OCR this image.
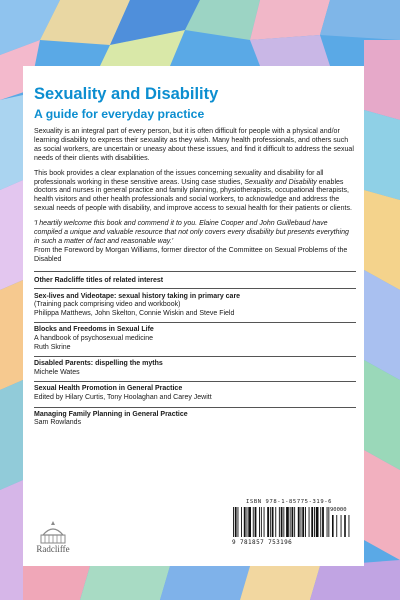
Sexuality and Disability
A guide for everyday practice

Sexuality is an integral part of every person, but it is often difficult for people with a physical and/or learning disability to express their sexuality as they wish. Many health professionals, and others such as social workers, are uncertain or uneasy about these issues, and find it difficult to address the sexual needs of their clients with disabilities.

This book provides a clear explanation of the issues concerning sexuality and disability for all professionals working in these sensitive areas. Using case studies, Sexuality and Disability enables doctors and nurses in general practice and family planning, physiotherapists, occupational therapists, health visitors and other health professionals and social workers, to acknowledge and address the sexual needs of people with disability, and improve access to sexual health for their patients or clients.

'I heartily welcome this book and commend it to you. Elaine Cooper and John Guillebaud have compiled a unique and valuable resource that not only covers every disability but presents everything in such a matter of fact and reasonable way.'

From the Foreword by Morgan Williams, former director of the Committee on Sexual Problems of the Disabled

Other Radcliffe titles of related interest
Sex-lives and Videotape: sexual history taking in primary care
(Training pack comprising video and workbook)
Philippa Matthews, John Skelton, Connie Wiskin and Steve Field
Blocks and Freedoms in Sexual Life
A handbook of psychosexual medicine
Ruth Skrine
Disabled Parents: dispelling the myths
Michele Wates
Sexual Health Promotion in General Practice
Edited by Hilary Curtis, Tony Hoolaghan and Carey Jewitt
Managing Family Planning in General Practice
Sam Rowlands
ISBN 978-1-85775-319-6
9 781857 753196
90000
Radcliffe
